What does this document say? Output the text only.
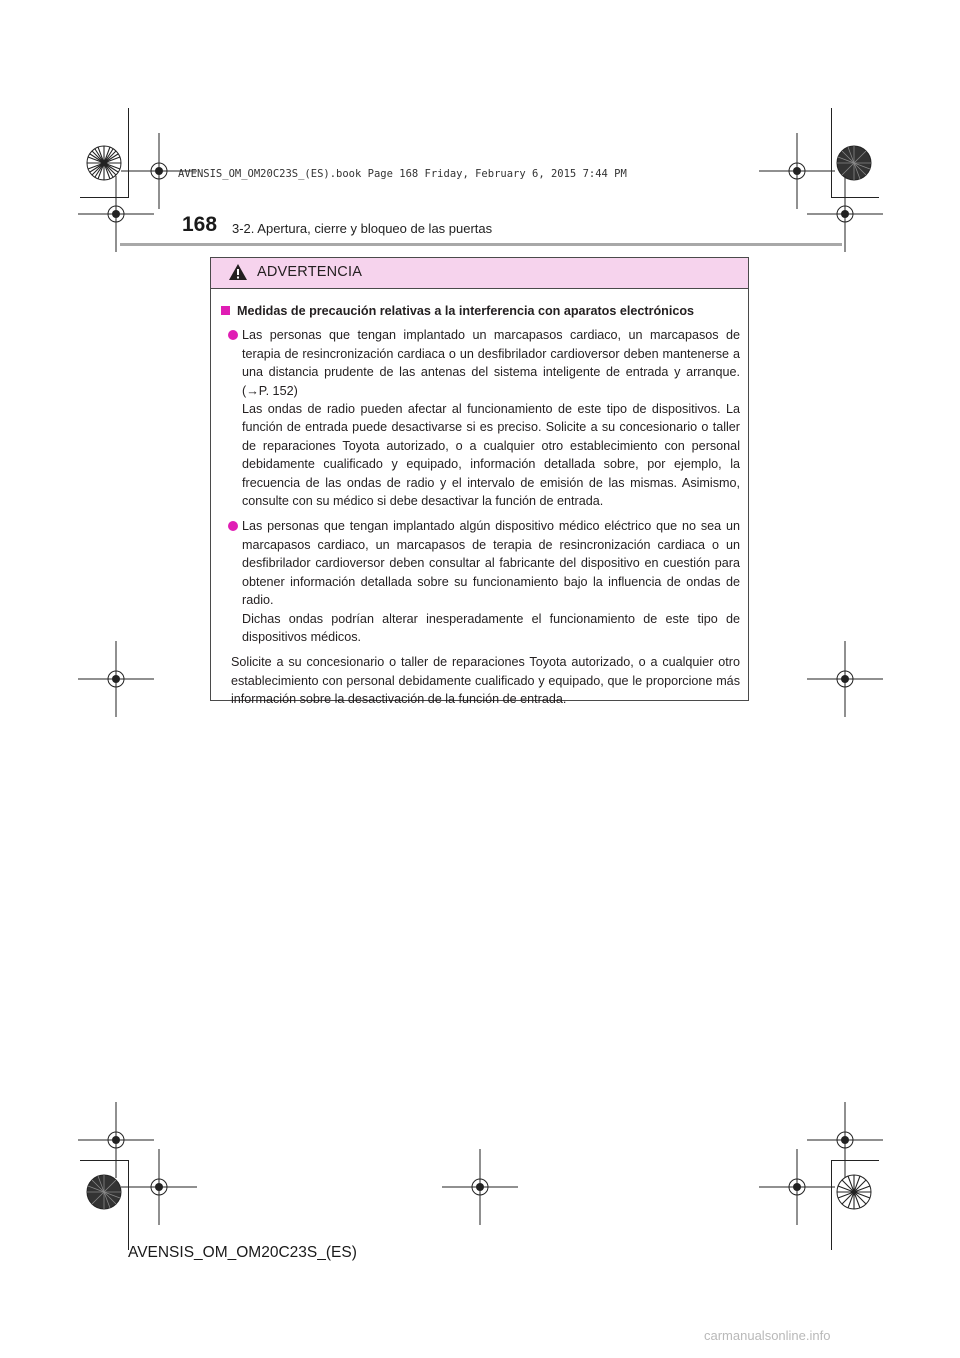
AVENSIS_OM_OM20C23S_(ES).book Page 168 Friday, February 6, 2015 7:44 PM
168 3-2. Apertura, cierre y bloqueo de las puertas
ADVERTENCIA
Medidas de precaución relativas a la interferencia con aparatos electrónicos
Las personas que tengan implantado un marcapasos cardiaco, un marcapasos de terapia de resincronización cardiaca o un desfibrilador cardioversor deben mantenerse a una distancia prudente de las antenas del sistema inteligente de entrada y arranque. (→P. 152)
Las ondas de radio pueden afectar al funcionamiento de este tipo de dispositivos. La función de entrada puede desactivarse si es preciso. Solicite a su concesionario o taller de reparaciones Toyota autorizado, o a cualquier otro establecimiento con personal debidamente cualificado y equipado, información detallada sobre, por ejemplo, la frecuencia de las ondas de radio y el intervalo de emisión de las mismas. Asimismo, consulte con su médico si debe desactivar la función de entrada.
Las personas que tengan implantado algún dispositivo médico eléctrico que no sea un marcapasos cardiaco, un marcapasos de terapia de resincronización cardiaca o un desfibrilador cardioversor deben consultar al fabricante del dispositivo en cuestión para obtener información detallada sobre su funcionamiento bajo la influencia de ondas de radio.
Dichas ondas podrían alterar inesperadamente el funcionamiento de este tipo de dispositivos médicos.
Solicite a su concesionario o taller de reparaciones Toyota autorizado, o a cualquier otro establecimiento con personal debidamente cualificado y equipado, que le proporcione más información sobre la desactivación de la función de entrada.
AVENSIS_OM_OM20C23S_(ES)
carmanualsonline.info
